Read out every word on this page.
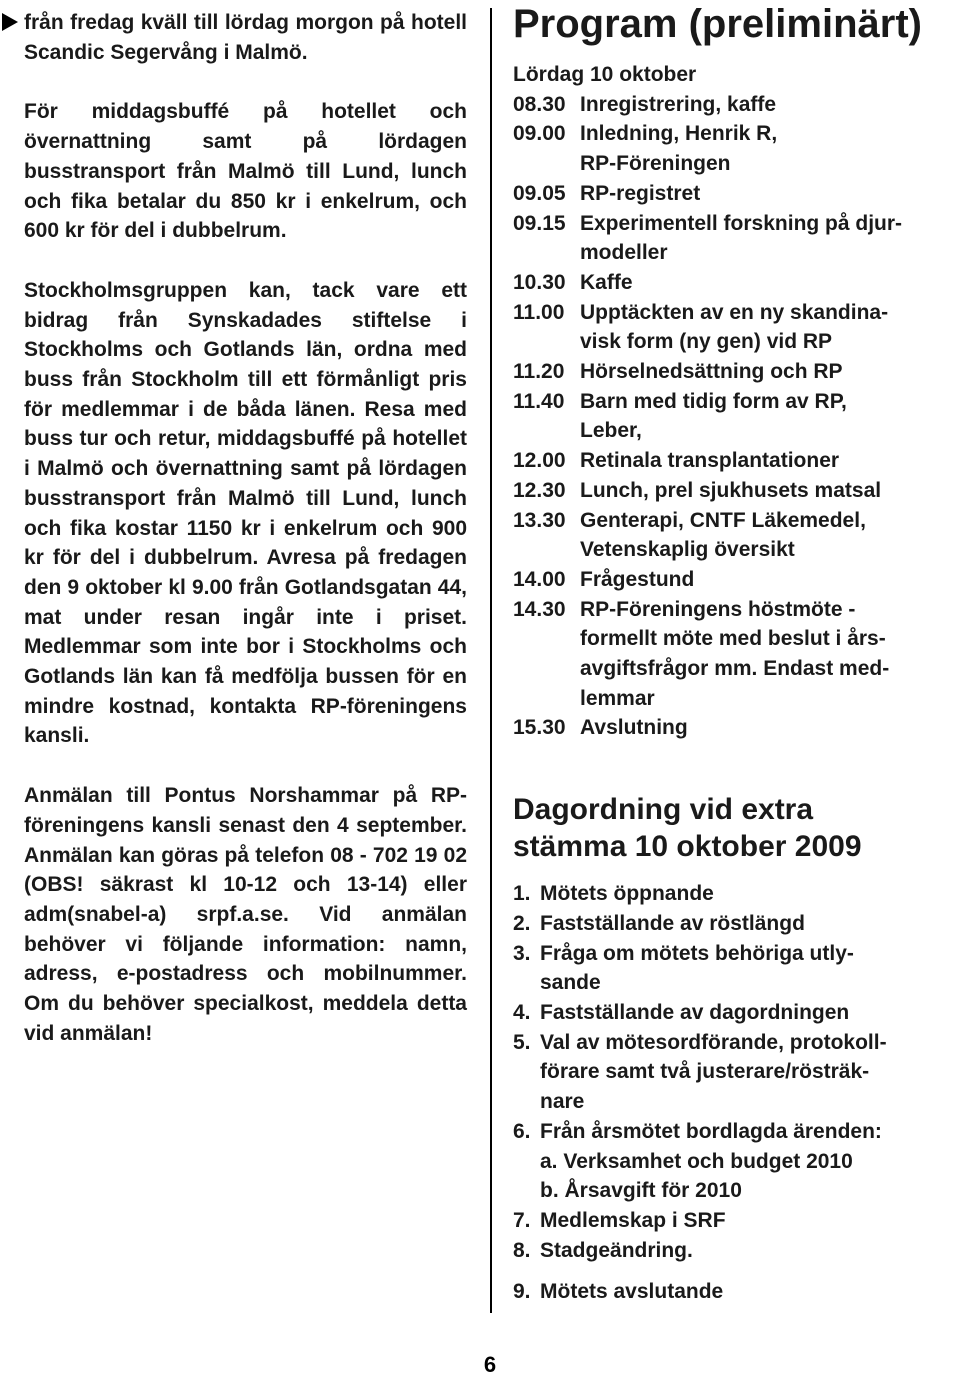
från fredag kväll till lördag morgon på hotell Scandic Segervång i Malmö.

För middagsbuffé på hotellet och övernattning samt på lördagen busstransport från Malmö till Lund, lunch och fika betalar du 850 kr i enkelrum, och 600 kr för del i dubbelrum.

Stockholmsgruppen kan, tack vare ett bidrag från Synskadades stiftelse i Stockholms och Gotlands län, ordna med buss från Stockholm till ett förmånligt pris för medlemmar i de båda länen. Resa med buss tur och retur, middagsbuffé på hotellet i Malmö och övernattning samt på lördagen busstransport från Malmö till Lund, lunch och fika kostar 1150 kr i enkelrum och 900 kr för del i dubbelrum. Avresa på fredagen den 9 oktober kl 9.00 från Gotlandsgatan 44, mat under resan ingår inte i priset. Medlemmar som inte bor i Stockholms och Gotlands län kan få medfölja bussen för en mindre kostnad, kontakta RP-föreningens kansli.

Anmälan till Pontus Norshammar på RP-föreningens kansli senast den 4 september. Anmälan kan göras på telefon 08 - 702 19 02 (OBS! säkrast kl 10-12 och 13-14) eller adm(snabel-a) srpf.a.se. Vid anmälan behöver vi följande information: namn, adress, e-postadress och mobilnummer. Om du behöver specialkost, meddela detta vid anmälan!

Program (preliminärt)
Lördag 10 oktober
08.30 Inregistrering, kaffe
09.00 Inledning, Henrik R,
RP-Föreningen
09.05 RP-registret
09.15 Experimentell forskning på djur-
modeller
10.30 Kaffe
11.00 Upptäckten av en ny skandina-
visk form (ny gen) vid RP
11.20 Hörselnedsättning och RP
11.40 Barn med tidig form av RP,
Leber,
12.00 Retinala transplantationer
12.30 Lunch, prel sjukhusets matsal
13.30 Genterapi, CNTF Läkemedel,
Vetenskaplig översikt
14.00 Frågestund
14.30 RP-Föreningens höstmöte -
formellt möte med beslut i års-
avgiftsfrågor mm. Endast med-
lemmar
15.30 Avslutning
Dagordning vid extra
stämma 10 oktober 2009
1. Mötets öppnande
2. Fastställande av röstlängd
3. Fråga om mötets behöriga utly-
sande
4. Fastställande av dagordningen
5. Val av mötesordförande, protokoll-
förare samt två justerare/rösträk-
nare
6. Från årsmötet bordlagda ärenden:
a. Verksamhet och budget 2010
b. Årsavgift för 2010
7. Medlemskap i SRF
8. Stadgeändring.
9. Mötets avslutande
6
